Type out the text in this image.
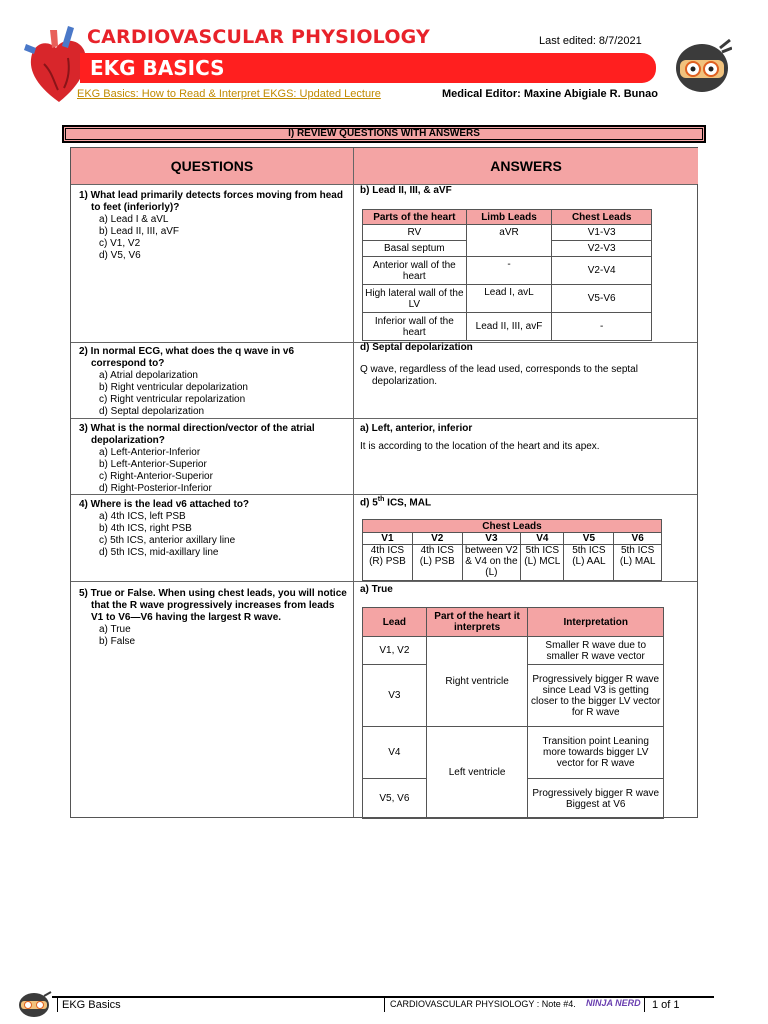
CARDIOVASCULAR PHYSIOLOGY
EKG BASICS
Last edited: 8/7/2021
EKG Basics: How to Read & Interpret EKGS: Updated Lecture	Medical Editor: Maxine Abigiale R. Bunao
I) REVIEW QUESTIONS WITH ANSWERS
QUESTIONS	ANSWERS
1) What lead primarily detects forces moving from head to feet (inferiorly)?
a) Lead I & aVL
b) Lead II, III, aVF
c) V1, V2
d) V5, V6
b) Lead II, III, & aVF
Parts of the heart	Limb Leads	Chest Leads
RV	aVR	V1-V3
Basal septum		V2-V3
Anterior wall of the heart	-	V2-V4
High lateral wall of the LV	Lead I, avL	V5-V6
Inferior wall of the heart	Lead II, III, avF	-
2) In normal ECG, what does the q wave in v6 correspond to?
a) Atrial depolarization
b) Right ventricular depolarization
c) Right ventricular repolarization
d) Septal depolarization
d) Septal depolarization
Q wave, regardless of the lead used, corresponds to the septal depolarization.
3) What is the normal direction/vector of the atrial depolarization?
a) Left-Anterior-Inferior
b) Left-Anterior-Superior
c) Right-Anterior-Superior
d) Right-Posterior-Inferior
a) Left, anterior, inferior
It is according to the location of the heart and its apex.
4) Where is the lead v6 attached to?
a) 4th ICS, left PSB
b) 4th ICS, right PSB
c) 5th ICS, anterior axillary line
d) 5th ICS, mid-axillary line
d) 5th ICS, MAL
Chest Leads					
V1	V2	V3	V4	V5	V6
4th ICS (R) PSB	4th ICS (L) PSB	between V2 & V4 on the (L)	5th ICS (L) MCL	5th ICS (L) AAL	5th ICS (L) MAL
5) True or False. When using chest leads, you will notice that the R wave progressively increases from leads V1 to V6—V6 having the largest R wave.
a) True
b) False
a) True
Lead	Part of the heart it interprets	Interpretation
V1, V2	Right ventricle	Smaller R wave due to smaller R wave vector
V3		Progressively bigger R wave since Lead V3 is getting closer to the bigger LV vector for R wave
V4	Left ventricle	Transition point Leaning more towards bigger LV vector for R wave
V5, V6		Progressively bigger R wave Biggest at V6
EKG Basics	CARDIOVASCULAR PHYSIOLOGY : Note #4. NINJA NERD 1 of 1
